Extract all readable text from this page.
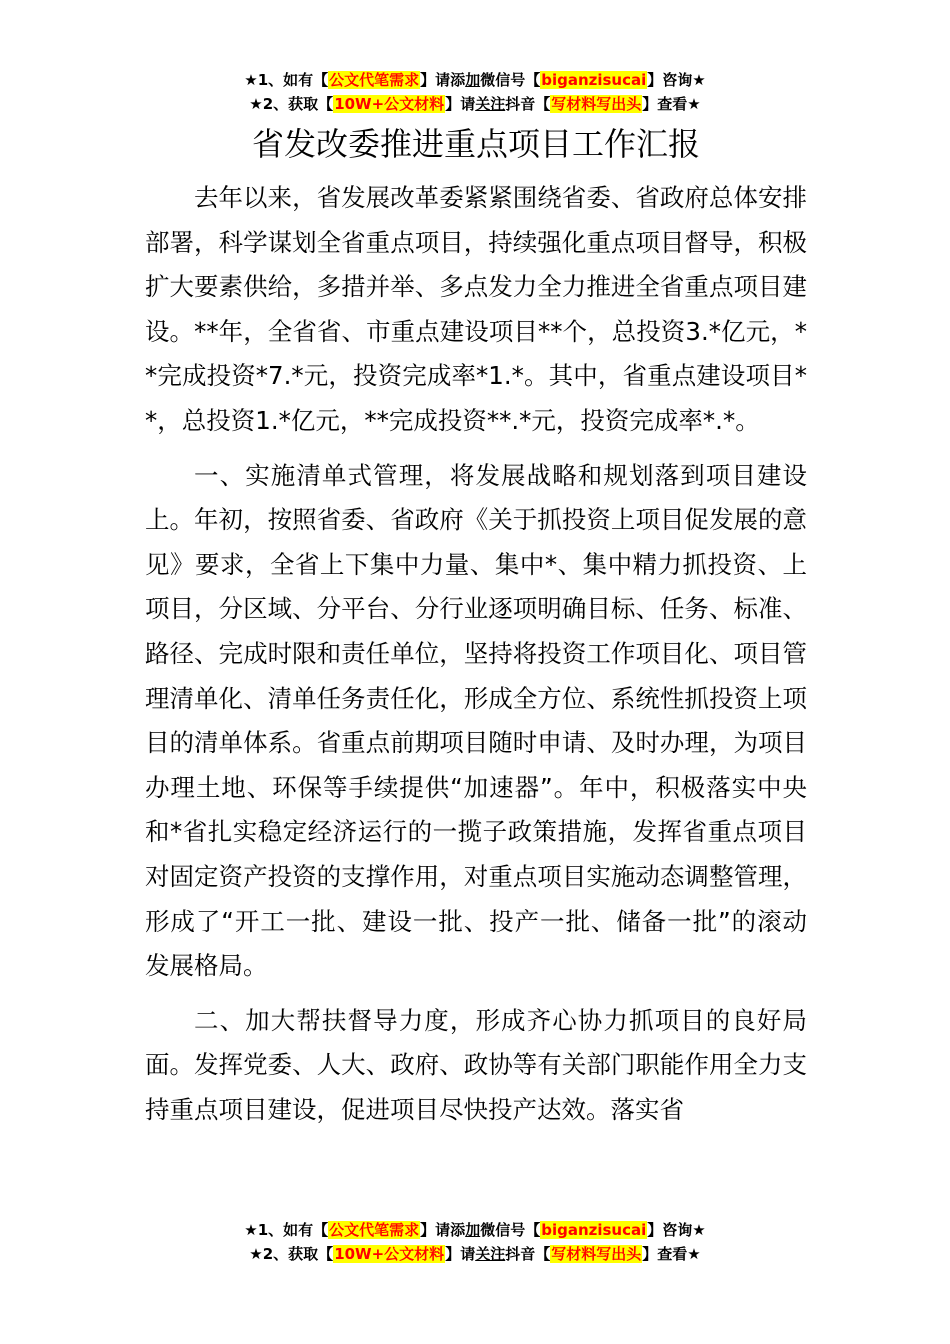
★1、如有【公文代笔需求】请添加微信号【biganzisucai】咨询★
★2、获取【10W+公文材料】请关注抖音【写材料写出头】查看★
省发改委推进重点项目工作汇报

去年以来，省发展改革委紧紧围绕省委、省政府总体安排部署，科学谋划全省重点项目，持续强化重点项目督导，积极扩大要素供给，多措并举、多点发力全力推进全省重点项目建设。**年，全省省、市重点建设项目**个，总投资3.*亿元，**完成投资*7.*元，投资完成率*1.*。其中，省重点建设项目**，总投资1.*亿元，**完成投资**.*元，投资完成率*.*。

一、实施清单式管理，将发展战略和规划落到项目建设上。年初，按照省委、省政府《关于抓投资上项目促发展的意见》要求，全省上下集中力量、集中*、集中精力抓投资、上项目，分区域、分平台、分行业逐项明确目标、任务、标准、路径、完成时限和责任单位，坚持将投资工作项目化、项目管理清单化、清单任务责任化，形成全方位、系统性抓投资上项目的清单体系。省重点前期项目随时申请、及时办理，为项目办理土地、环保等手续提供“加速器”。年中，积极落实中央和*省扎实稳定经济运行的一揽子政策措施，发挥省重点项目对固定资产投资的支撑作用，对重点项目实施动态调整管理，形成了“开工一批、建设一批、投产一批、储备一批”的滚动发展格局。

二、加大帮扶督导力度，形成齐心协力抓项目的良好局面。发挥党委、人大、政府、政协等有关部门职能作用全力支持重点项目建设，促进项目尽快投产达效。落实省

★1、如有【公文代笔需求】请添加微信号【biganzisucai】咨询★
★2、获取【10W+公文材料】请关注抖音【写材料写出头】查看★
